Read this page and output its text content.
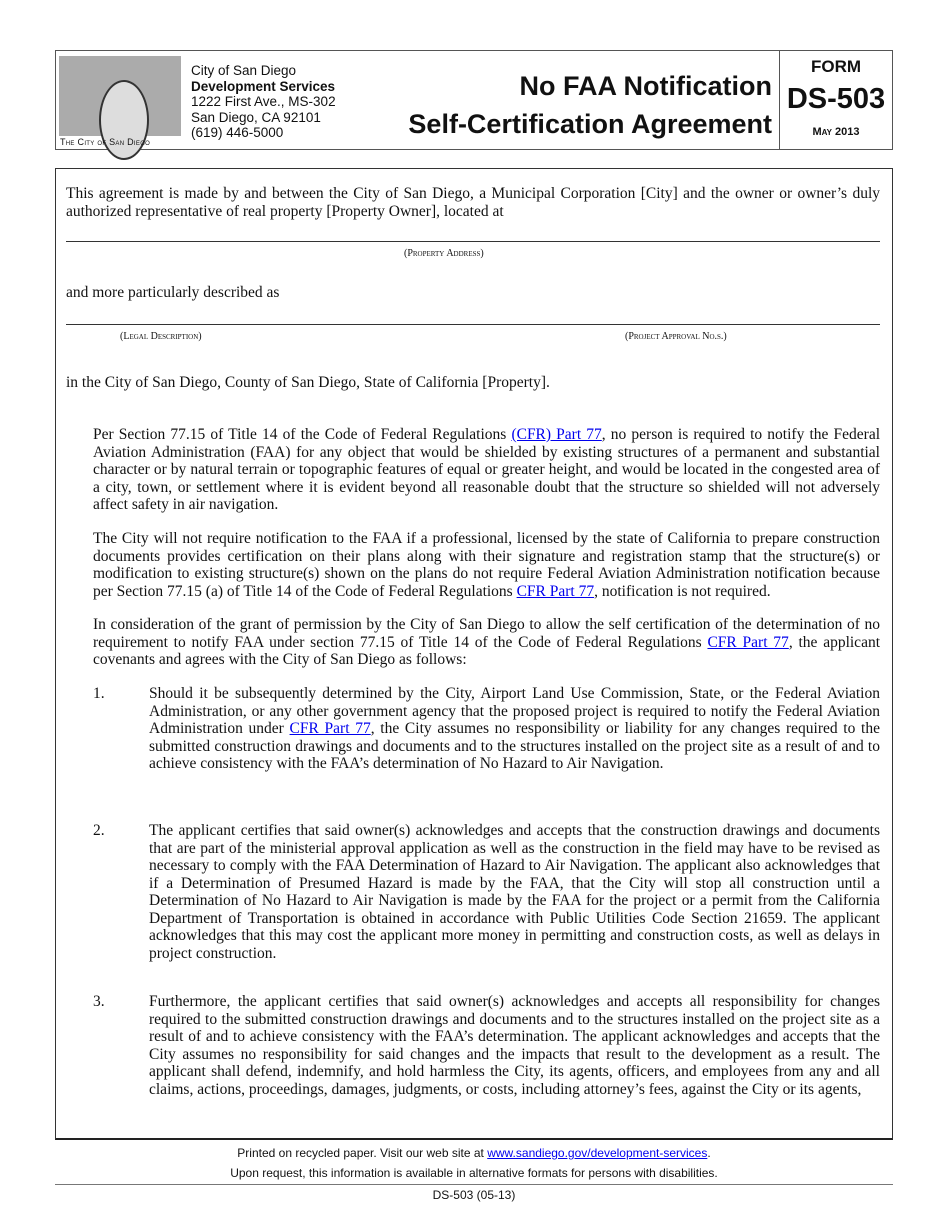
The City of San Diego
City of San Diego
Development Services
1222 First Ave., MS-302
San Diego, CA 92101
(619) 446-5000
No FAA Notification
Self-Certification Agreement
FORM
DS-503
May 2013
This agreement is made by and between the City of San Diego, a Municipal Corporation [City] and the owner or owner’s duly authorized representative of real property [Property Owner], located at
(Property Address)
and more particularly described as
(Legal Description)	(Project Approval No.s.)
in the City of San Diego, County of San Diego, State of California [Property].
Per Section 77.15 of Title 14 of the Code of Federal Regulations (CFR) Part 77, no person is required to notify the Federal Aviation Administration (FAA) for any object that would be shielded by existing structures of a permanent and substantial character or by natural terrain or topographic features of equal or greater height, and would be located in the congested area of a city, town, or settlement where it is evident beyond all reasonable doubt that the structure so shielded will not adversely affect safety in air navigation.
The City will not require notification to the FAA if a professional, licensed by the state of California to prepare construction documents provides certification on their plans along with their signature and registration stamp that the structure(s) or modification to existing structure(s) shown on the plans do not require Federal Aviation Administration notification because per Section 77.15 (a) of Title 14 of the Code of Federal Regulations CFR Part 77, notification is not required.
In consideration of the grant of permission by the City of San Diego to allow the self certification of the determination of no requirement to notify FAA under section 77.15 of Title 14 of the Code of Federal Regulations CFR Part 77, the applicant covenants and agrees with the City of San Diego as follows:
1.	Should it be subsequently determined by the City, Airport Land Use Commission, State, or the Federal Aviation Administration, or any other government agency that the proposed project is required to notify the Federal Aviation Administration under CFR Part 77, the City assumes no responsibility or liability for any changes required to the submitted construction drawings and documents and to the structures installed on the project site as a result of and to achieve consistency with the FAA’s determination of No Hazard to Air Navigation.
2.	The applicant certifies that said owner(s) acknowledges and accepts that the construction drawings and documents that are part of the ministerial approval application as well as the construction in the field may have to be revised as necessary to comply with the FAA Determination of Hazard to Air Navigation. The applicant also acknowledges that if a Determination of Presumed Hazard is made by the FAA, that the City will stop all construction until a Determination of No Hazard to Air Navigation is made by the FAA for the project or a permit from the California Department of Transportation is obtained in accordance with Public Utilities Code Section 21659. The applicant acknowledges that this may cost the applicant more money in permitting and construction costs, as well as delays in project construction.
3.	Furthermore, the applicant certifies that said owner(s) acknowledges and accepts all responsibility for changes required to the submitted construction drawings and documents and to the structures installed on the project site as a result of and to achieve consistency with the FAA’s determination. The applicant acknowledges and accepts that the City assumes no responsibility for said changes and the impacts that result to the development as a result. The applicant shall defend, indemnify, and hold harmless the City, its agents, officers, and employees from any and all claims, actions, proceedings, damages, judgments, or costs, including attorney’s fees, against the City or its agents,
Printed on recycled paper. Visit our web site at www.sandiego.gov/development-services.
Upon request, this information is available in alternative formats for persons with disabilities.
DS-503 (05-13)
